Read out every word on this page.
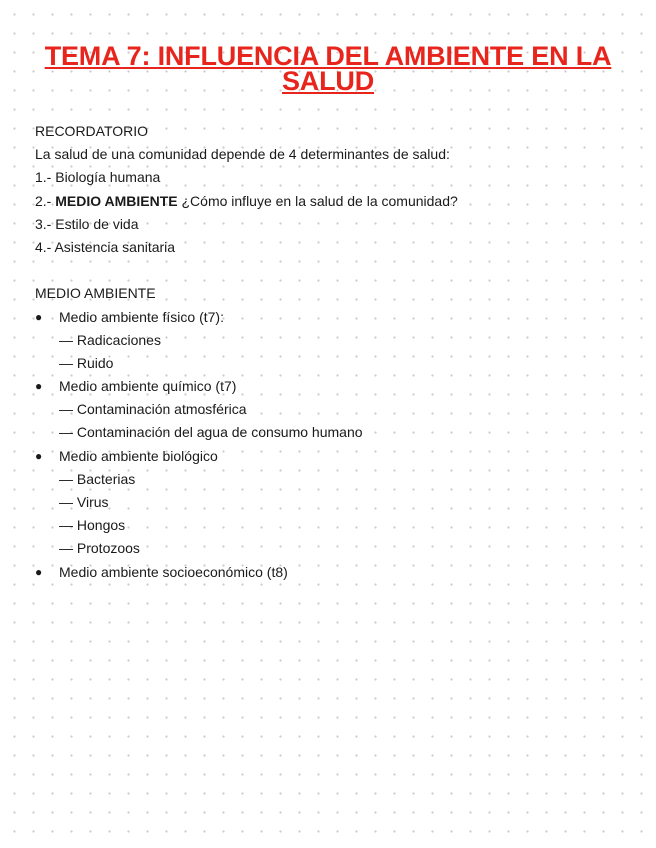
TEMA 7: INFLUENCIA DEL AMBIENTE EN LA SALUD
RECORDATORIO
La salud de una comunidad depende de 4 determinantes de salud:
1.- Biología humana
2.- MEDIO AMBIENTE ¿Cómo influye en la salud de la comunidad?
3.- Estilo de vida
4.- Asistencia sanitaria
MEDIO AMBIENTE
● Medio ambiente físico (t7):
— Radicaciones
— Ruido
● Medio ambiente químico (t7)
— Contaminación atmosférica
— Contaminación del agua de consumo humano
● Medio ambiente biológico
— Bacterias
— Virus
— Hongos
— Protozoos
● Medio ambiente socioeconómico (t8)
